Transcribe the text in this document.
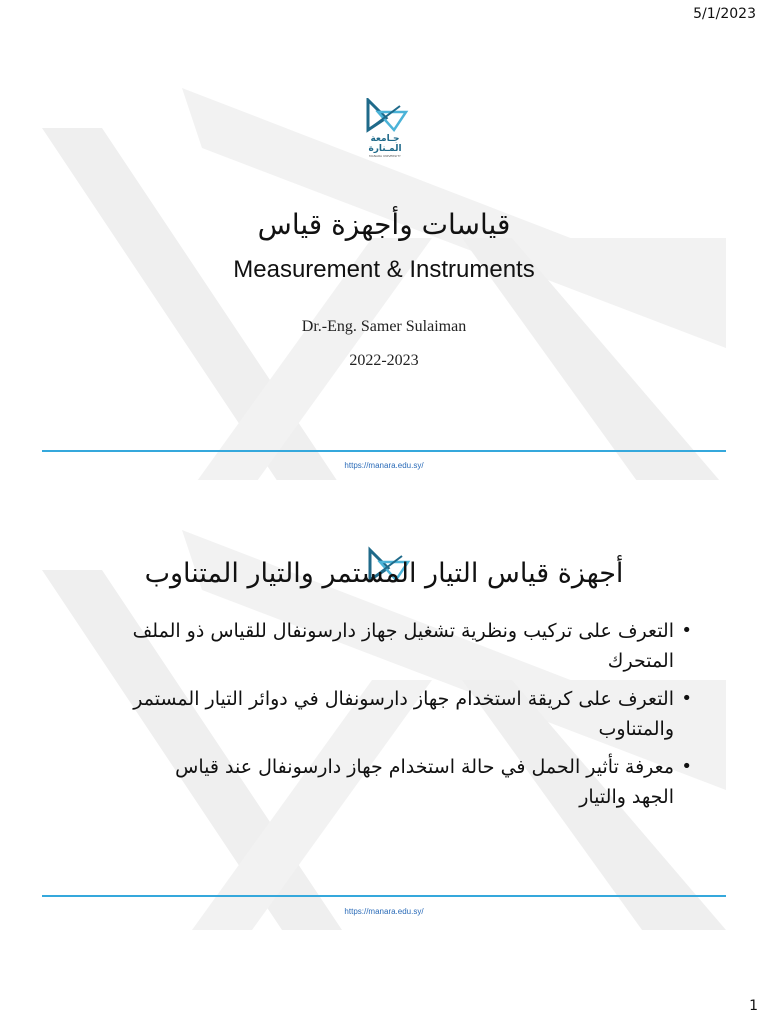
5/1/2023
جـامعة
المـنارة
MANARA UNIVERSITY
قياسات وأجهزة قياس
Measurement & Instruments
Dr.-Eng. Samer Sulaiman
2022-2023
https://manara.edu.sy/
أجهزة قياس التيار المستمر والتيار المتناوب
• التعرف على تركيب ونظرية تشغيل جهاز دارسونفال للقياس ذو الملف المتحرك
• التعرف على كريقة استخدام جهاز دارسونفال في دوائر التيار المستمر والمتناوب
• معرفة تأثير الحمل في حالة استخدام جهاز دارسونفال عند قياس الجهد والتيار
https://manara.edu.sy/
1
